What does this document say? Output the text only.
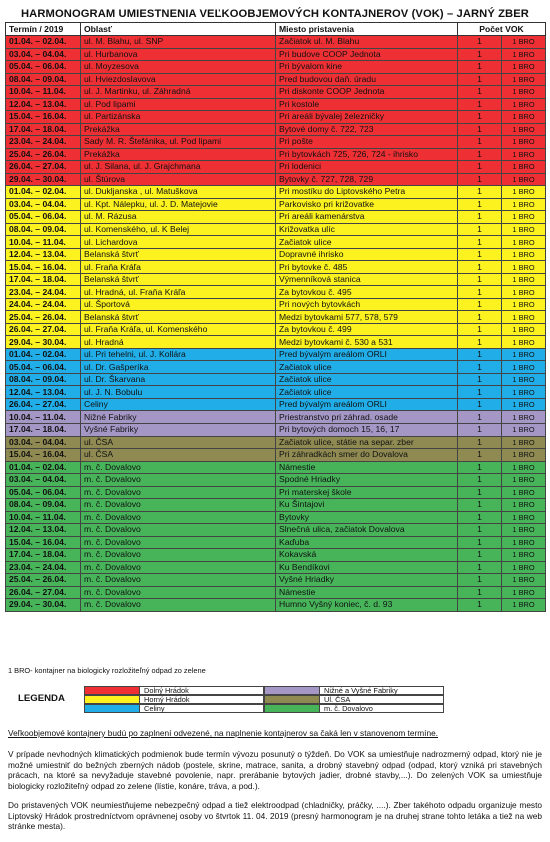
HARMONOGRAM UMIESTNENIA VEĽKOOBJEMOVÝCH KONTAJNEROV (VOK) – JARNÝ ZBER
Termín / 2019	Oblasť	Miesto pristavenia	Počet VOK	
01.04. – 02.04.	ul. M. Blahu, ul. SNP	Začiatok ul. M. Blahu	1	1 BRO
03.04. – 04.04.	ul. Hurbanova	Pri budove COOP Jednota	1	1 BRO
05.04. – 06.04.	ul. Moyzesova	Pri bývalom kine	1	1 BRO
08.04. – 09.04.	ul. Hviezdoslavova	Pred budovou daň. úradu	1	1 BRO
10.04. – 11.04.	ul. J. Martinku, ul. Záhradná	Pri diskonte COOP Jednota	1	1 BRO
12.04. – 13.04.	ul. Pod lipami	Pri kostole	1	1 BRO
15.04. – 16.04.	ul. Partizánska	Pri areáli bývalej železničky	1	1 BRO
17.04. – 18.04.	Prekážka	Bytové domy č. 722, 723	1	1 BRO
23.04. – 24.04.	Sady M. R. Štefánika, ul. Pod lipami	Pri pošte	1	1 BRO
25.04. – 26.04.	Prekážka	Pri bytovkách 725, 726, 724 - ihrisko	1	1 BRO
26.04. – 27.04.	ul. J. Silana, ul. J. Grajchmana	Pri lodenici	1	1 BRO
29.04. – 30.04.	ul. Štúrova	Bytovky č. 727, 728, 729	1	1 BRO
01.04. – 02.04.	ul. Dukljanska , ul. Matuškova	Pri mostíku do Liptovského Petra	1	1 BRO
03.04. – 04.04.	ul. Kpt. Nálepku, ul. J. D. Matejovie	Parkovisko pri križovatke	1	1 BRO
05.04. – 06.04.	ul. M. Rázusa	Pri areáli kamenárstva	1	1 BRO
08.04. – 09.04.	ul. Komenského, ul. K Belej	Križovatka ulíc	1	1 BRO
10.04. – 11.04.	ul. Lichardova	Začiatok ulice	1	1 BRO
12.04. – 13.04.	Belanská štvrť	Dopravné ihrisko	1	1 BRO
15.04. – 16.04.	ul. Fraňa Kráľa	Pri bytovke č. 485	1	1 BRO
17.04. – 18.04.	Belanská štvrť	Výmenníková stanica	1	1 BRO
23.04. – 24.04.	ul. Hradná, ul. Fraňa Kráľa	Za bytovkou č. 495	1	1 BRO
24.04. – 24.04.	ul. Športová	Pri nových bytovkách	1	1 BRO
25.04. – 26.04.	Belanská štvrť	Medzi bytovkami 577, 578, 579	1	1 BRO
26.04. – 27.04.	ul. Fraňa Kráľa, ul. Komenského	Za bytovkou č. 499	1	1 BRO
29.04. – 30.04.	ul. Hradná	Medzi bytovkami č. 530 a 531	1	1 BRO
01.04. – 02.04.	ul. Pri tehelni, ul. J. Kollára	Pred bývalým areálom ORLI	1	1 BRO
05.04. – 06.04.	ul. Dr. Gašperíka	Začiatok ulice	1	1 BRO
08.04. – 09.04.	ul. Dr. Škarvana	Začiatok ulice	1	1 BRO
12.04. – 13.04.	ul. J. N. Bobulu	Začiatok ulice	1	1 BRO
26.04. – 27.04.	Celiny	Pred bývalým areálom ORLI	1	1 BRO
10.04. – 11.04.	Nižné Fabriky	Priestranstvo pri záhrad. osade	1	1 BRO
17.04. – 18.04.	Vyšné Fabriky	Pri bytových domoch 15, 16, 17	1	1 BRO
03.04. – 04.04.	ul. ČSA	Začiatok ulice, státie na separ. zber	1	1 BRO
15.04. – 16.04.	ul. ČSA	Pri záhradkách smer do Dovalova	1	1 BRO
01.04. – 02.04.	m. č. Dovalovo	Námestie	1	1 BRO
03.04. – 04.04.	m. č. Dovalovo	Spodné Hriadky	1	1 BRO
05.04. – 06.04.	m. č. Dovalovo	Pri materskej škole	1	1 BRO
08.04. – 09.04.	m. č. Dovalovo	Ku Šintajovi	1	1 BRO
10.04. – 11.04.	m. č. Dovalovo	Bytovky	1	1 BRO
12.04. – 13.04.	m. č. Dovalovo	Slnečná ulica, začiatok Dovalova	1	1 BRO
15.04. – 16.04.	m. č. Dovalovo	Kaďuba	1	1 BRO
17.04. – 18.04.	m. č. Dovalovo	Kokavská	1	1 BRO
23.04. – 24.04.	m. č. Dovalovo	Ku Bendíkovi	1	1 BRO
25.04. – 26.04.	m. č. Dovalovo	Vyšné Hriadky	1	1 BRO
26.04. – 27.04.	m. č. Dovalovo	Námestie	1	1 BRO
29.04. – 30.04.	m. č. Dovalovo	Humno Vyšný koniec, č. d. 93	1	1 BRO
1 BRO- kontajner na biologicky rozložiteľný odpad zo zelene
LEGENDA
Dolný Hrádok	Nižné a Vyšné Fabriky
Horný Hrádok	Ul. ČSA
Celiny	m. č. Dovalovo
Veľkoobjemové kontajnery budú po zaplnení odvezené, na naplnenie kontajnerov sa čaká len v stanovenom termíne.

V prípade nevhodných klimatických podmienok bude termín vývozu posunutý o týždeň. Do VOK sa umiestňuje nadrozmerný odpad, ktorý nie je možné umiestniť do bežných zberných nádob (postele, skrine, matrace, sanita, a drobný stavebný odpad (odpad, ktorý vzniká pri stavebných prácach, na ktoré sa nevyžaduje stavebné povolenie, napr. prerábanie bytových jadier, drobné stavby,...). Do zelených VOK sa umiestňuje biologicky rozložiteľný odpad zo zelene (lístie, konáre, tráva, a pod.).

Do pristavených VOK neumiestňujeme nebezpečný odpad a tiež elektroodpad (chladničky, práčky, ....). Zber takéhoto odpadu organizuje mesto Liptovský Hrádok prostredníctvom oprávnenej osoby vo štvrtok 11. 04. 2019 (presný harmonogram je na druhej strane tohto letáka a tiež na web stránke mesta).
